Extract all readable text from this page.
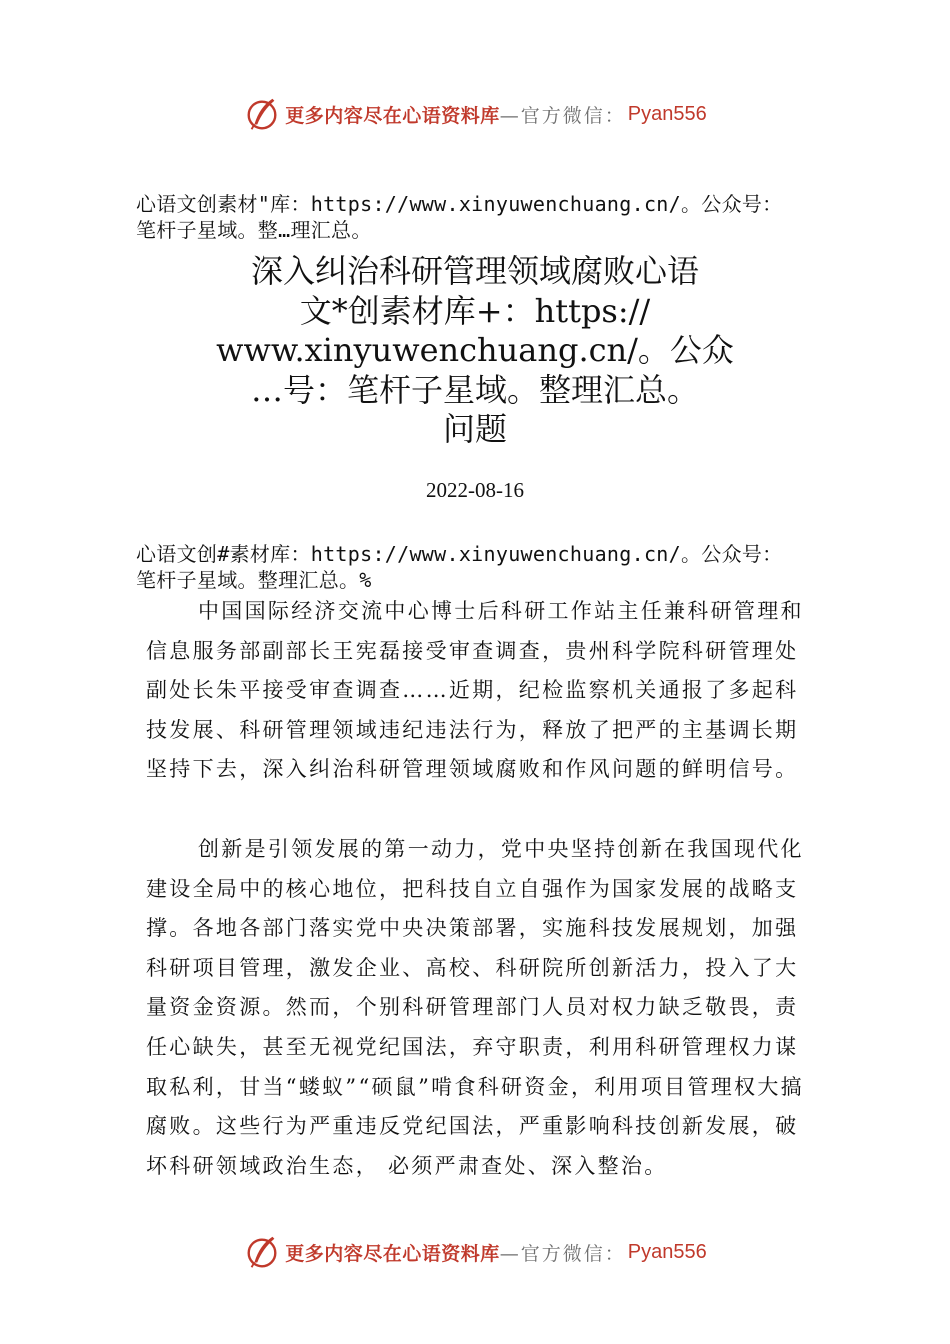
更多内容尽在心语资料库 —官方微信： Pyan556
心语文创素材"库：https://www.xinyuwenchuang.cn/。公众号：
笔杆子星域。整…理汇总。
深入纠治科研管理领域腐败心语
文*创素材库+：https://
www.xinyuwenchuang.cn/。公众
…号：笔杆子星域。整理汇总。
问题
2022-08-16
心语文创#素材库：https://www.xinyuwenchuang.cn/。公众号：
笔杆子星域。整理汇总。%

中国国际经济交流中心博士后科研工作站主任兼科研管理和信息服务部副部长王宪磊接受审查调查，贵州科学院科研管理处副处长朱平接受审查调查……近期，纪检监察机关通报了多起科技发展、科研管理领域违纪违法行为，释放了把严的主基调长期坚持下去，深入纠治科研管理领域腐败和作风问题的鲜明信号。

创新是引领发展的第一动力，党中央坚持创新在我国现代化建设全局中的核心地位，把科技自立自强作为国家发展的战略支撑。各地各部门落实党中央决策部署，实施科技发展规划，加强科研项目管理，激发企业、高校、科研院所创新活力，投入了大量资金资源。然而，个别科研管理部门人员对权力缺乏敬畏，责任心缺失，甚至无视党纪国法，弃守职责，利用科研管理权力谋取私利，甘当“蝼蚁”“硕鼠”啃食科研资金，利用项目管理权大搞腐败。这些行为严重违反党纪国法，严重影响科技创新发展，破坏科研领域政治生态， 必须严肃查处、深入整治。

更多内容尽在心语资料库 —官方微信： Pyan556
